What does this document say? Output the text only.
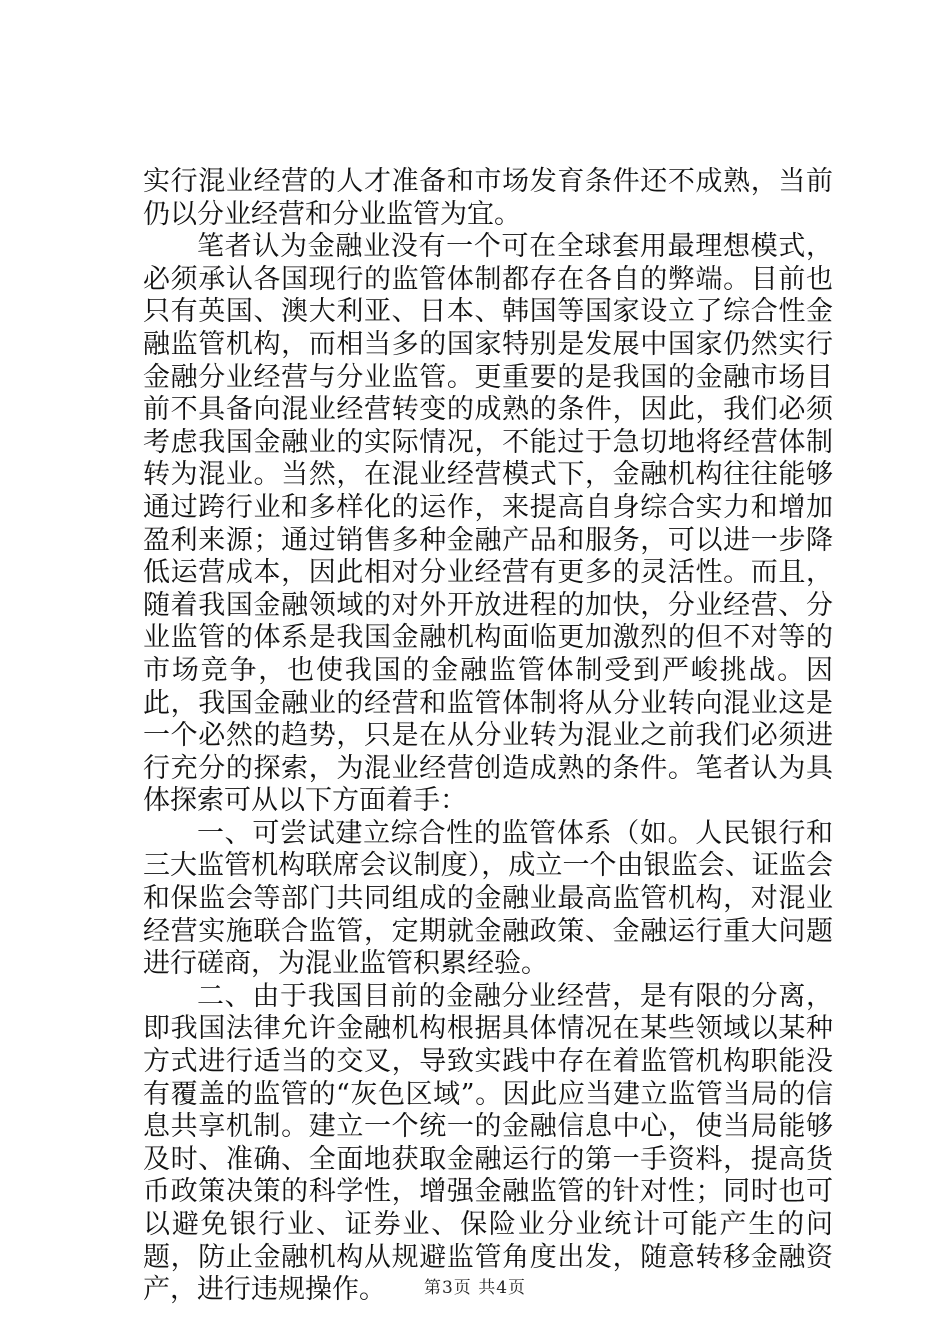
实行混业经营的人才准备和市场发育条件还不成熟，当前仍以分业经营和分业监管为宜。

笔者认为金融业没有一个可在全球套用最理想模式，必须承认各国现行的监管体制都存在各自的弊端。目前也只有英国、澳大利亚、日本、韩国等国家设立了综合性金融监管机构，而相当多的国家特别是发展中国家仍然实行金融分业经营与分业监管。更重要的是我国的金融市场目前不具备向混业经营转变的成熟的条件，因此，我们必须考虑我国金融业的实际情况，不能过于急切地将经营体制转为混业。当然，在混业经营模式下，金融机构往往能够通过跨行业和多样化的运作，来提高自身综合实力和增加盈利来源；通过销售多种金融产品和服务，可以进一步降低运营成本，因此相对分业经营有更多的灵活性。而且，随着我国金融领域的对外开放进程的加快，分业经营、分业监管的体系是我国金融机构面临更加激烈的但不对等的市场竞争，也使我国的金融监管体制受到严峻挑战。因此，我国金融业的经营和监管体制将从分业转向混业这是一个必然的趋势，只是在从分业转为混业之前我们必须进行充分的探索，为混业经营创造成熟的条件。笔者认为具体探索可从以下方面着手：

一、可尝试建立综合性的监管体系（如。人民银行和三大监管机构联席会议制度），成立一个由银监会、证监会和保监会等部门共同组成的金融业最高监管机构，对混业经营实施联合监管，定期就金融政策、金融运行重大问题进行磋商，为混业监管积累经验。

二、由于我国目前的金融分业经营，是有限的分离，即我国法律允许金融机构根据具体情况在某些领域以某种方式进行适当的交叉，导致实践中存在着监管机构职能没有覆盖的监管的“灰色区域”。因此应当建立监管当局的信息共享机制。建立一个统一的金融信息中心，使当局能够及时、准确、全面地获取金融运行的第一手资料，提高货币政策决策的科学性，增强金融监管的针对性；同时也可以避免银行业、证券业、保险业分业统计可能产生的问题，防止金融机构从规避监管角度出发，随意转移金融资产，进行违规操作。	第3页 共4页
